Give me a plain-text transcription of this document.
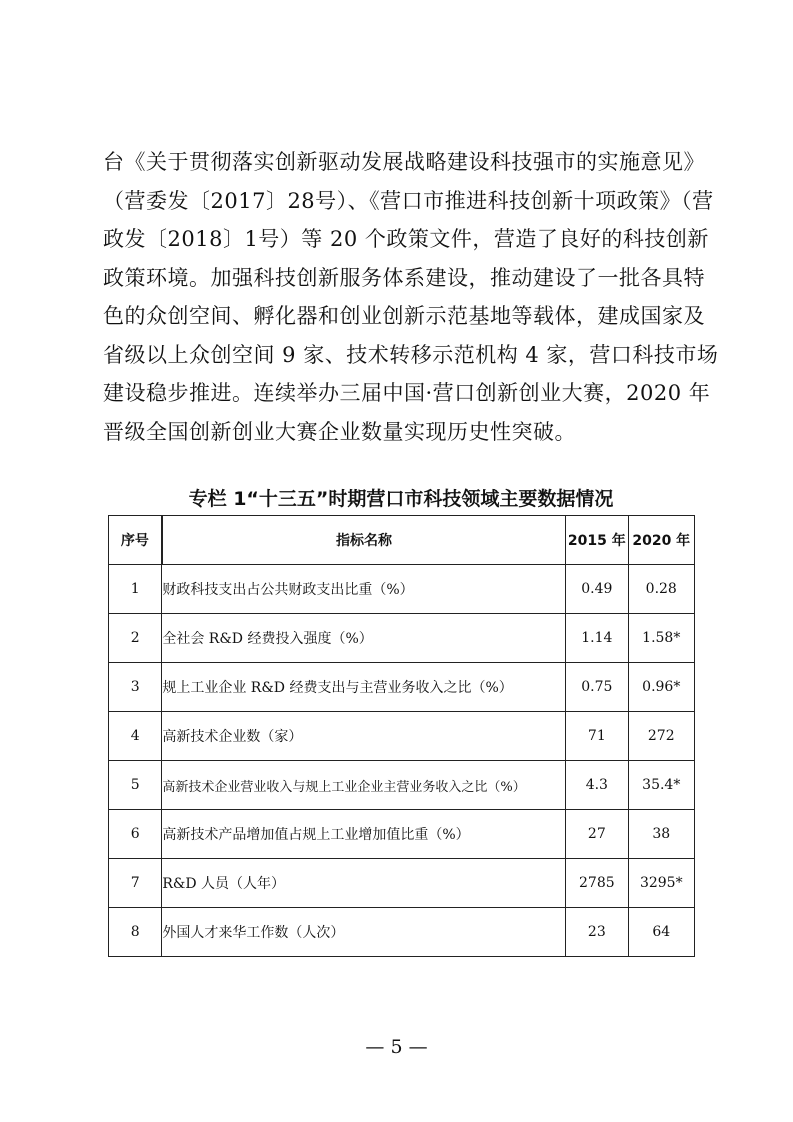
台《关于贯彻落实创新驱动发展战略建设科技强市的实施意见》

（营委发〔2017〕28号）、《营口市推进科技创新十项政策》（营

政发〔2018〕1号）等 20 个政策文件，营造了良好的科技创新

政策环境。加强科技创新服务体系建设，推动建设了一批各具特

色的众创空间、孵化器和创业创新示范基地等载体，建成国家及

省级以上众创空间 9 家、技术转移示范机构 4 家，营口科技市场

建设稳步推进。连续举办三届中国·营口创新创业大赛，2020 年

晋级全国创新创业大赛企业数量实现历史性突破。

专栏 1“十三五”时期营口市科技领域主要数据情况
序号	指标名称	2015 年	2020 年
1	财政科技支出占公共财政支出比重（%）	0.49	0.28
2	全社会 R&D 经费投入强度（%）	1.14	1.58*
3	规上工业企业 R&D 经费支出与主营业务收入之比（%）	0.75	0.96*
4	高新技术企业数（家）	71	272
5	高新技术企业营业收入与规上工业企业主营业务收入之比（%）	4.3	35.4*
6	高新技术产品增加值占规上工业增加值比重（%）	27	38
7	R&D 人员（人年）	2785	3295*
8	外国人才来华工作数（人次）	23	64
— 5 —
